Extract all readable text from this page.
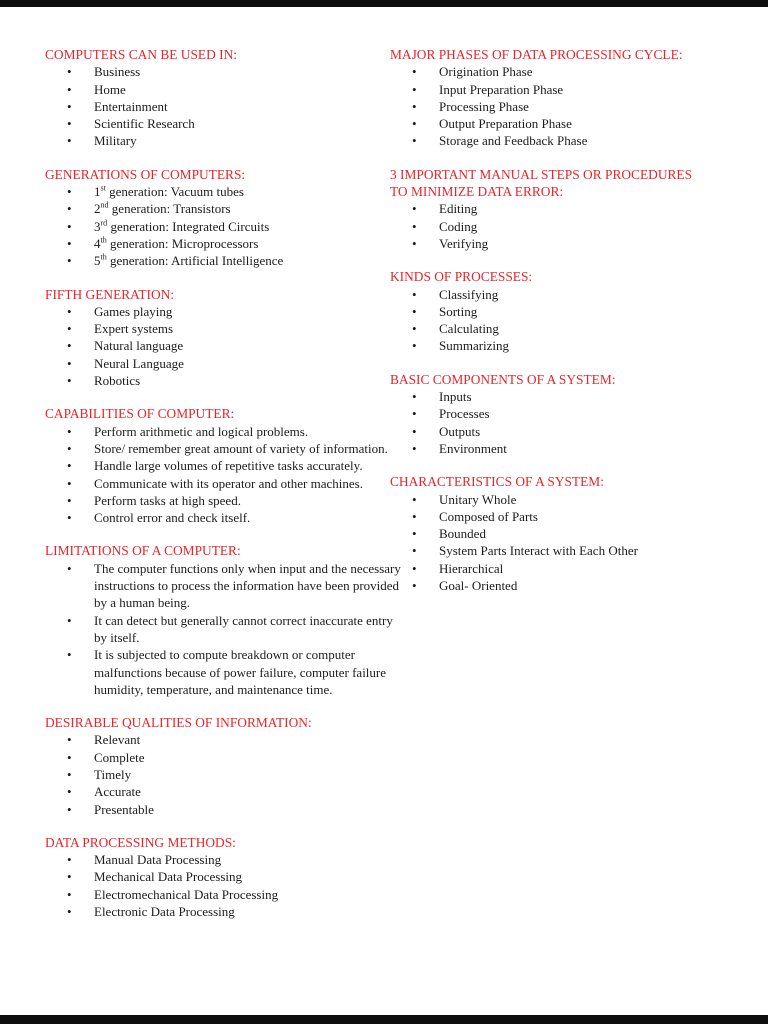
COMPUTERS CAN BE USED IN:
• Business
• Home
• Entertainment
• Scientific Research
• Military
GENERATIONS OF COMPUTERS:
• 1st generation: Vacuum tubes
• 2nd generation: Transistors
• 3rd generation: Integrated Circuits
• 4th generation: Microprocessors
• 5th generation: Artificial Intelligence
FIFTH GENERATION:
• Games playing
• Expert systems
• Natural language
• Neural Language
• Robotics
CAPABILITIES OF COMPUTER:
• Perform arithmetic and logical problems.
• Store/ remember great amount of variety of information.
• Handle large volumes of repetitive tasks accurately.
• Communicate with its operator and other machines.
• Perform tasks at high speed.
• Control error and check itself.
LIMITATIONS OF A COMPUTER:
• The computer functions only when input and the necessary instructions to process the information have been provided by a human being.
• It can detect but generally cannot correct inaccurate entry by itself.
• It is subjected to compute breakdown or computer malfunctions because of power failure, computer failure humidity, temperature, and maintenance time.
DESIRABLE QUALITIES OF INFORMATION:
• Relevant
• Complete
• Timely
• Accurate
• Presentable
DATA PROCESSING METHODS:
• Manual Data Processing
• Mechanical Data Processing
• Electromechanical Data Processing
• Electronic Data Processing
MAJOR PHASES OF DATA PROCESSING CYCLE:
• Origination Phase
• Input Preparation Phase
• Processing Phase
• Output Preparation Phase
• Storage and Feedback Phase
3 IMPORTANT MANUAL STEPS OR PROCEDURES TO MINIMIZE DATA ERROR:
• Editing
• Coding
• Verifying
KINDS OF PROCESSES:
• Classifying
• Sorting
• Calculating
• Summarizing
BASIC COMPONENTS OF A SYSTEM:
• Inputs
• Processes
• Outputs
• Environment
CHARACTERISTICS OF A SYSTEM:
• Unitary Whole
• Composed of Parts
• Bounded
• System Parts Interact with Each Other
• Hierarchical
• Goal- Oriented
